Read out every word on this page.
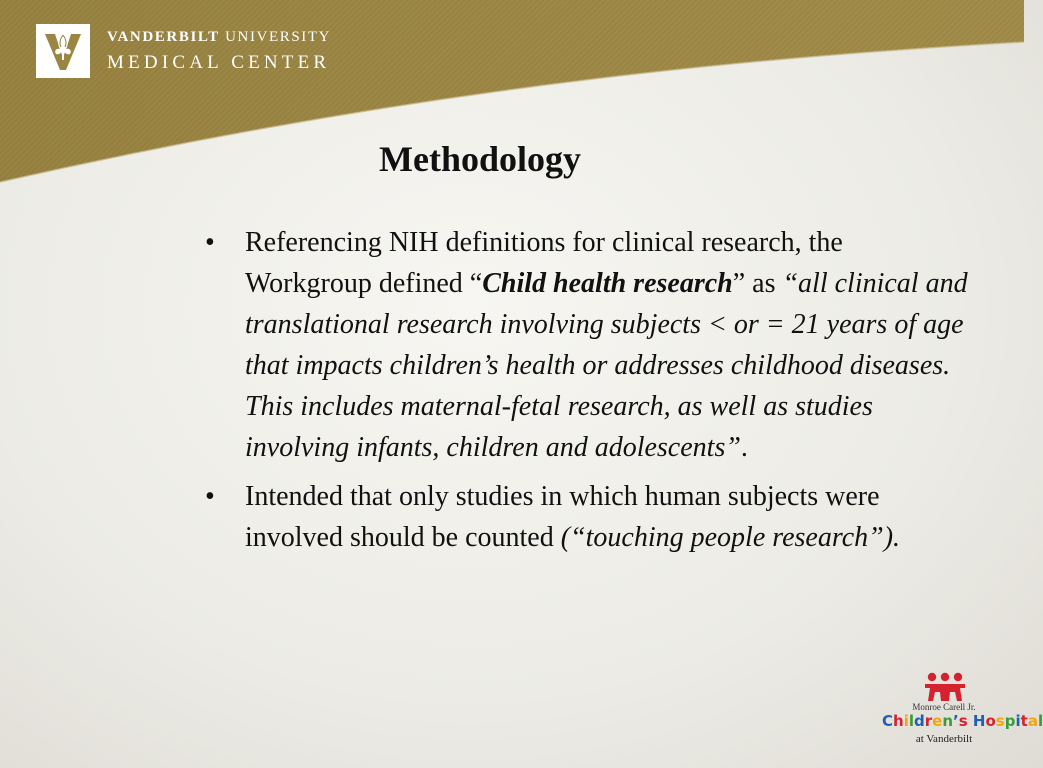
VANDERBILT UNIVERSITY
MEDICAL CENTER
Methodology
• Referencing NIH definitions for clinical research, the Workgroup defined “Child health research” as “all clinical and translational research involving subjects < or = 21 years of age that impacts children’s health or addresses childhood diseases. This includes maternal-fetal research, as well as studies involving infants, children and adolescents”.
• Intended that only studies in which human subjects were involved should be counted (“touching people research”).
Monroe Carell Jr.
Children’s Hospital
at Vanderbilt
